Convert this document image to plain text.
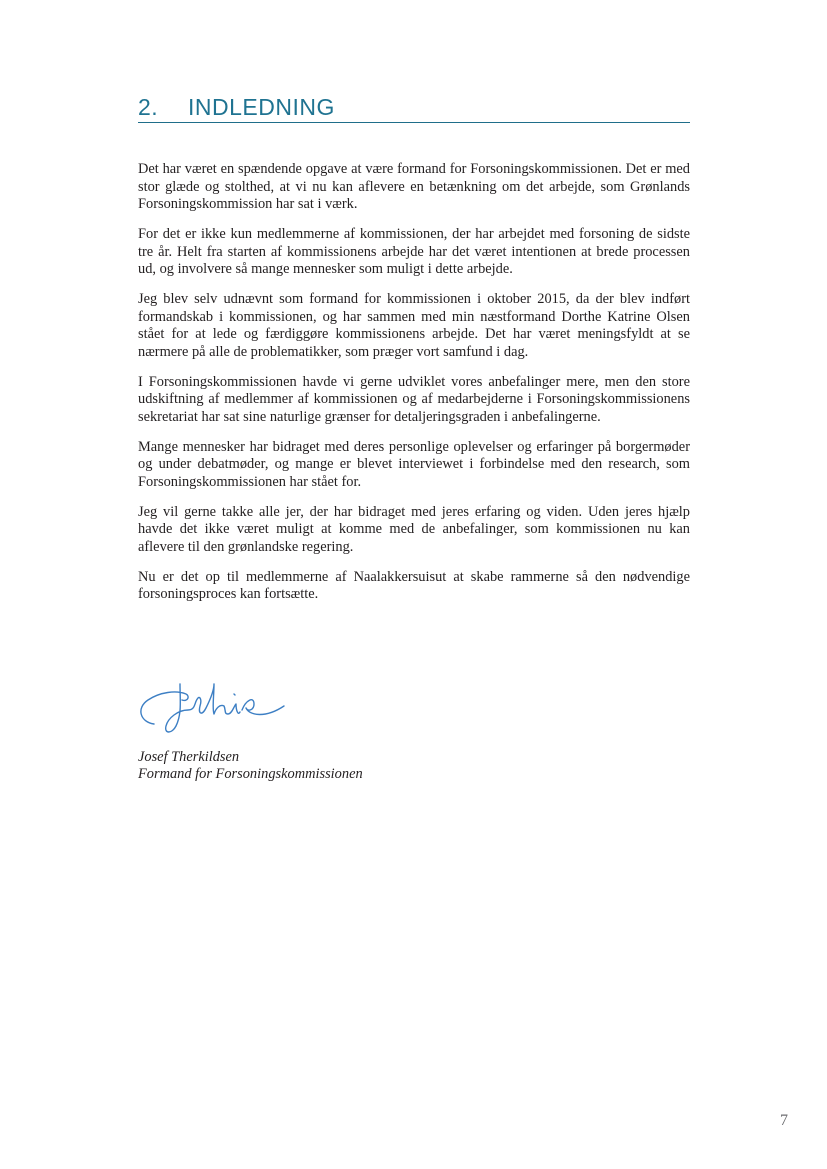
2. INDLEDNING

Det har været en spændende opgave at være formand for Forsoningskommissionen. Det er med stor glæde og stolthed, at vi nu kan aflevere en betænkning om det arbejde, som Grønlands Forsoningskommission har sat i værk.

For det er ikke kun medlemmerne af kommissionen, der har arbejdet med forsoning de sidste tre år. Helt fra starten af kommissionens arbejde har det været intentionen at brede processen ud, og involvere så mange mennesker som muligt i dette arbejde.

Jeg blev selv udnævnt som formand for kommissionen i oktober 2015, da der blev indført formandskab i kommissionen, og har sammen med min næstformand Dorthe Katrine Olsen stået for at lede og færdiggøre kommissionens arbejde. Det har været meningsfyldt at se nærmere på alle de problematikker, som præger vort samfund i dag.

I Forsoningskommissionen havde vi gerne udviklet vores anbefalinger mere, men den store udskiftning af medlemmer af kommissionen og af medarbejderne i Forsoningskommissionens sekretariat har sat sine naturlige grænser for detaljeringsgraden i anbefalingerne.

Mange mennesker har bidraget med deres personlige oplevelser og erfaringer på borgermøder og under debatmøder, og mange er blevet interviewet i forbindelse med den research, som Forsoningskommissionen har stået for.

Jeg vil gerne takke alle jer, der har bidraget med jeres erfaring og viden. Uden jeres hjælp havde det ikke været muligt at komme med de anbefalinger, som kommissionen nu kan aflevere til den grønlandske regering.

Nu er det op til medlemmerne af Naalakkersuisut at skabe rammerne så den nødvendige forsoningsproces kan fortsætte.

Josef Therkildsen
Formand for Forsoningskommissionen
7
